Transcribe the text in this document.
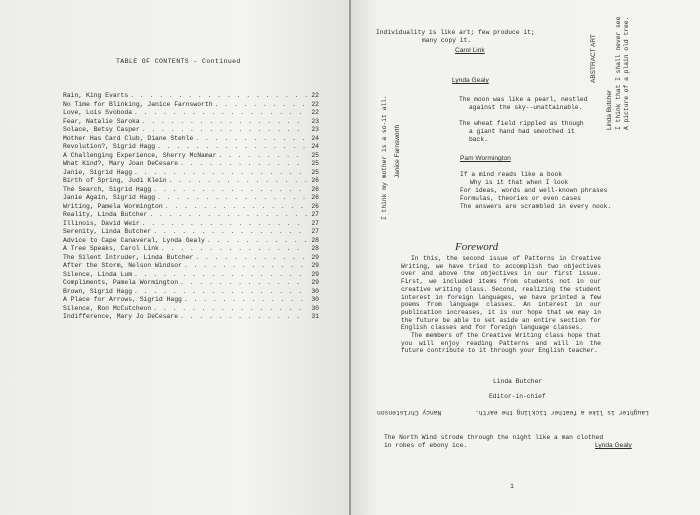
TABLE OF CONTENTS - Continued
Rain, King Evarts . . .	22
No Time for Blinking, Janice Farnsworth . . .	22
Love, Lois Svoboda . . .	22
Fear, Natalie Saroka . . .	23
Solace, Betsy Casper . . .	23
Mother Has Card Club, Diane Stehle . . .	24
Revolution?, Sigrid Hagg . . .	24
A Challenging Experience, Sherry McNamar . . .	25
What Kind?, Mary Joan DeCesare . . .	25
Janie, Sigrid Hagg . . .	25
Birth of Spring, Judi Klein . . .	26
The Search, Sigrid Hagg . . .	26
Janie Again, Sigrid Hagg . . .	26
Writing, Pamela Wormington . . .	26
Reality, Linda Butcher . . .	27
Illinois, David Weir . . .	27
Serenity, Linda Butcher . . .	27
Advice to Cape Canaveral, Lynda Gealy . . .	28
A Tree Speaks, Carol Link . . .	28
The Silent Intruder, Linda Butcher . . .	29
After the Storm, Nelson Windsor . . .	29
Silence, Linda Lum . . .	29
Compliments, Pamela Wormington . . .	29
Brown, Sigrid Hagg . . .	30
A Place for Arrows, Sigrid Hagg . . .	30
Silence, Ron McCutcheon . . .	30
Indifference, Mary Jo DeCesare . . .	31
Individuality is like art; few produce it;
many copy it.
Carol Link
Lynda Gealy
The moon was like a pearl, nestled
against the sky--unattainable.
The wheat field rippled as though
a giant hand had smoothed it
back.
Pam Wormington
If a mind reads like a book
Why is it that when I look
For ideas, words and well-known phrases
Formulas, theories or even cases
The answers are scrambled in every nook.
I think my mother is a so-it all. Janice Farnsworth
ABSTRACT ART
Linda Butcher I think that I shall never see A picture of a plain old tree.
Foreword

In this, the second issue of Patterns in Creative Writing, we have tried to accomplish two objectives over and above the objectives in our first issue. First, we included items from students not in our creative writing class. Second, realizing the student interest in foreign languages, we have printed a few poems from language classes. An interest in our publication increases, it is our hope that we may in the future be able to set aside an entire section for English classes and for foreign language classes.

The members of the Creative Writing class hope that you will enjoy reading Patterns and will in the future contribute to it through your English teacher.

Linda Butcher
Editor-in-chief
Nancy Christenson	Laughter is like a feather tickling the earth.
The North Wind strode through the night like a man clothed
in robes of ebony ice.	Lynda Gealy
1
